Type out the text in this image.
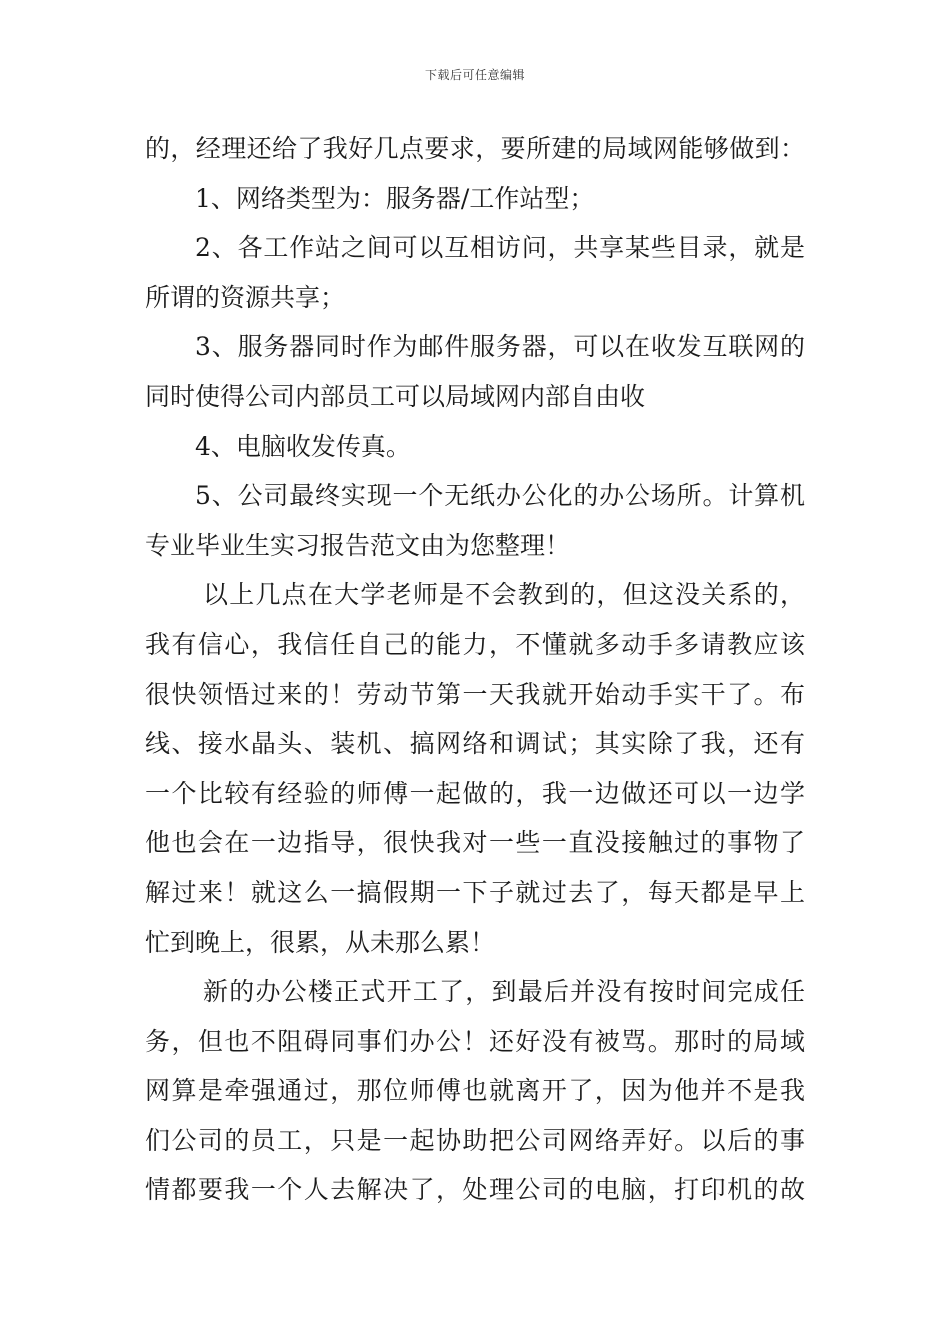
下载后可任意编辑
的，经理还给了我好几点要求，要所建的局域网能够做到：
1、网络类型为：服务器/工作站型；
2、各工作站之间可以互相访问，共享某些目录，就是
所谓的资源共享；
3、服务器同时作为邮件服务器，可以在收发互联网的
同时使得公司内部员工可以局域网内部自由收
4、电脑收发传真。
5、公司最终实现一个无纸办公化的办公场所。计算机
专业毕业生实习报告范文由为您整理！
以上几点在大学老师是不会教到的，但这没关系的，
我有信心，我信任自己的能力，不懂就多动手多请教应该
很快领悟过来的！劳动节第一天我就开始动手实干了。布
线、接水晶头、装机、搞网络和调试；其实除了我，还有
一个比较有经验的师傅一起做的，我一边做还可以一边学
他也会在一边指导，很快我对一些一直没接触过的事物了
解过来！就这么一搞假期一下子就过去了，每天都是早上
忙到晚上，很累，从未那么累！
新的办公楼正式开工了，到最后并没有按时间完成任
务，但也不阻碍同事们办公！还好没有被骂。那时的局域
网算是牵强通过，那位师傅也就离开了，因为他并不是我
们公司的员工，只是一起协助把公司网络弄好。以后的事
情都要我一个人去解决了，处理公司的电脑，打印机的故
